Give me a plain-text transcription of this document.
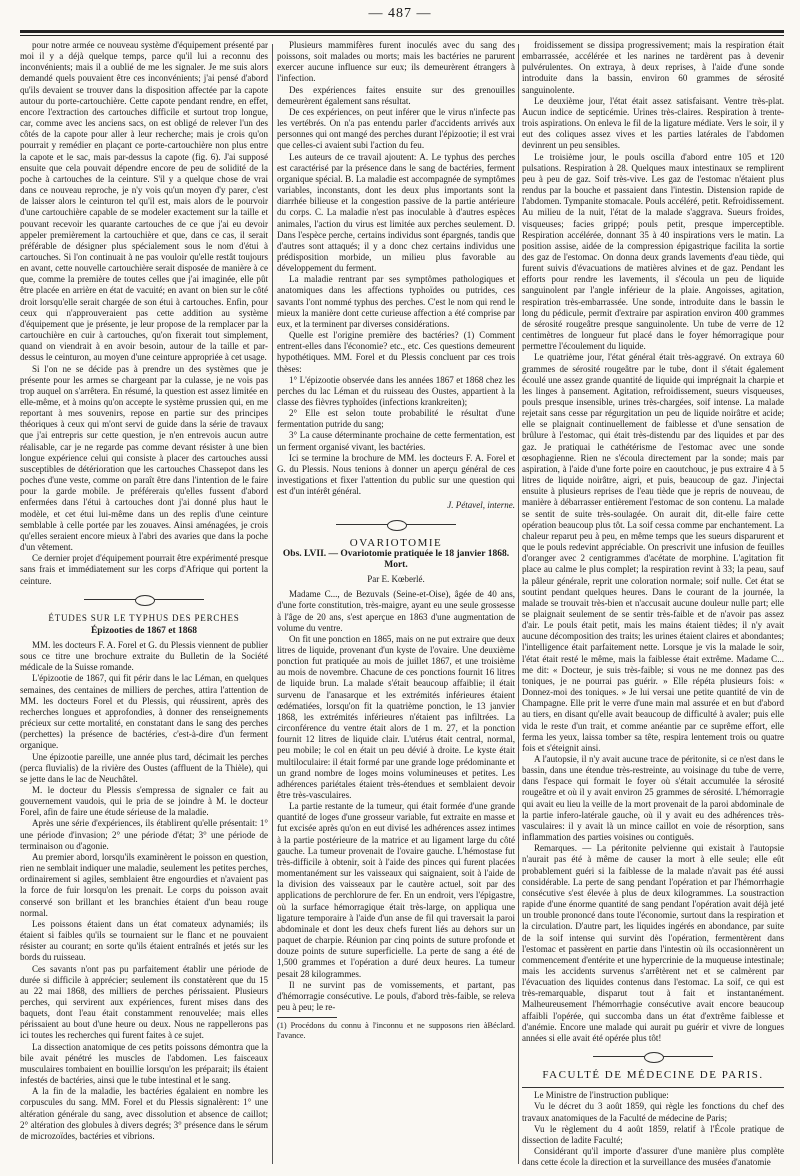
— 487 —

pour notre armée ce nouveau système d'équipement présenté par moi il y a déjà quelque temps, parce qu'il lui a reconnu des inconvénients; mais il a oublié de me les signaler. Je me suis alors demandé quels pouvaient être ces inconvénients; j'ai pensé d'abord qu'ils devaient se trouver dans la disposition affectée par la capote autour du porte-cartouchière. Cette capote pendant rendre, en effet, encore l'extraction des cartouches difficile et surtout trop longue, car, comme avec les anciens sacs, on est obligé de relever l'un des côtés de la capote pour aller à leur recherche; mais je crois qu'on pourrait y remédier en plaçant ce porte-cartouchière non plus entre la capote et le sac, mais par-dessus la capote (fig. 6). J'ai supposé ensuite que cela pouvait dépendre encore de peu de solidité de la poche à cartouches de la ceinture. S'il y a quelque chose de vrai dans ce nouveau reproche, je n'y vois qu'un moyen d'y parer, c'est de laisser alors le ceinturon tel qu'il est, mais alors de le pourvoir d'une cartouchière capable de se modeler exactement sur la taille et pouvant recevoir les quarante cartouches de ce que j'ai eu devoir appeler premièrement la cartouchière et que, dans ce cas, il serait préférable de désigner plus spécialement sous le nom d'étui à cartouches. Si l'on continuait à ne pas vouloir qu'elle restât toujours en avant, cette nouvelle cartouchière serait disposée de manière à ce que, comme la première de toutes celles que j'ai imaginée, elle pût être placée en arrière en état de vacuité; en avant on bien sur le côté droit lorsqu'elle serait chargée de son étui à cartouches. Enfin, pour ceux qui n'approuveraient pas cette addition au système d'équipement que je présente, je leur propose de la remplacer par la cartouchière en cuir à cartouches, qu'on fixerait tout simplement, quand on viendrait à en avoir besoin, autour de la taille et par-dessus le ceinturon, au moyen d'une ceinture appropriée à cet usage.

Si l'on ne se décide pas à prendre un des systèmes que je présente pour les armes se chargeant par la culasse, je ne vois pas trop auquel on s'arrêtera. En résumé, la question est assez limitée en elle-même, et à moins qu'on accepte le système prussien qui, en me reportant à mes souvenirs, repose en partie sur des principes théoriques à ceux qui m'ont servi de guide dans la série de travaux que j'ai entrepris sur cette question, je n'en entrevois aucun autre réalisable, car je ne regarde pas comme devant résister à une bien longue expérience celui qui consiste à placer des cartouches aussi susceptibles de détérioration que les cartouches Chassepot dans les poches d'une veste, comme on paraît être dans l'intention de le faire pour la garde mobile. Je préférerais qu'elles fussent d'abord enfermées dans l'étui à cartouches dont j'ai donné plus haut le modèle, et cet étui lui-même dans un des replis d'une ceinture semblable à celle portée par les zouaves. Ainsi aménagées, je crois qu'elles seraient encore mieux à l'abri des avaries que dans la poche d'un vêtement.

Ce dernier projet d'équipement pourrait être expérimenté presque sans frais et immédiatement sur les corps d'Afrique qui portent la ceinture.

ÉTUDES SUR LE TYPHUS DES PERCHES
Épizooties de 1867 et 1868

MM. les docteurs F. A. Forel et G. du Plessis viennent de publier sous ce titre une brochure extraite du Bulletin de la Société médicale de la Suisse romande.

L'épizootie de 1867, qui fit périr dans le lac Léman, en quelques semaines, des centaines de milliers de perches, attira l'attention de MM. les docteurs Forel et du Plessis, qui réussirent, après des recherches longues et approfondies, à donner des renseignements précieux sur cette mortalité, en constatant dans le sang des perches (perchettes) la présence de bactéries, c'est-à-dire d'un ferment organique.

Une épizootie pareille, une année plus tard, décimait les perches (perca fluvialis) de la rivière des Oustes (affluent de la Thièle), qui se jette dans le lac de Neuchâtel.

M. le docteur du Plessis s'empressa de signaler ce fait au gouvernement vaudois, qui le pria de se joindre à M. le docteur Forel, afin de faire une étude sérieuse de la maladie.

Après une série d'expériences, ils établirent qu'elle présentait: 1° une période d'invasion; 2° une période d'état; 3° une période de terminaison ou d'agonie.

Au premier abord, lorsqu'ils examinèrent le poisson en question, rien ne semblait indiquer une maladie, seulement les petites perches, ordinairement si agiles, semblaient être engourdies et n'avaient pas la force de fuir lorsqu'on les prenait. Le corps du poisson avait conservé son brillant et les branchies étaient d'un beau rouge normal.

Les poissons étaient dans un état comateux adynamiés; ils étaient si faibles qu'ils se tournaient sur le flanc et ne pouvaient résister au courant; en sorte qu'ils étaient entraînés et jetés sur les bords du ruisseau.

Ces savants n'ont pas pu parfaitement établir une période de durée si difficile à apprécier; seulement ils constatèrent que du 15 au 22 mai 1868, des milliers de perches périssaient. Plusieurs perches, qui servirent aux expériences, furent mises dans des baquets, dont l'eau était constamment renouvelée; mais elles périssaient au bout d'une heure ou deux. Nous ne rappellerons pas ici toutes les recherches qui furent faites à ce sujet.

La dissection anatomique de ces petits poissons démontra que la bile avait pénétré les muscles de l'abdomen. Les faisceaux musculaires tombaient en bouillie lorsqu'on les préparait; ils étaient infestés de bactéries, ainsi que le tube intestinal et le sang.

A la fin de la maladie, les bactéries égalaient en nombre les corpuscules du sang. MM. Forel et du Plessis signalèrent: 1° une altération générale du sang, avec dissolution et absence de caillot; 2° altération des globules à divers degrés; 3° présence dans le sérum de microzoïdes, bactéries et vibrions.

Plusieurs mammifères furent inoculés avec du sang des poissons, soit malades ou morts; mais les bactéries ne parurent exercer aucune influence sur eux; ils demeurèrent étrangers à l'infection.

Des expériences faites ensuite sur des grenouilles demeurèrent également sans résultat.

De ces expériences, on peut inférer que le virus n'infecte pas les vertébrés. On n'a pas entendu parler d'accidents arrivés aux personnes qui ont mangé des perches durant l'épizootie; il est vrai que celles-ci avaient subi l'action du feu.

Les auteurs de ce travail ajoutent: A. Le typhus des perches est caractérisé par la présence dans le sang de bactéries, ferment organique spécial. B. La maladie est accompagnée de symptômes variables, inconstants, dont les deux plus importants sont la diarrhée bilieuse et la congestion passive de la partie antérieure du corps. C. La maladie n'est pas inoculable à d'autres espèces animales, l'action du virus est limitée aux perches seulement. D. Dans l'espèce perche, certains individus sont épargnés, tandis que d'autres sont attaqués; il y a donc chez certains individus une prédisposition morbide, un milieu plus favorable au développement du ferment.

La maladie rentrant par ses symptômes pathologiques et anatomiques dans les affections typhoïdes ou putrides, ces savants l'ont nommé typhus des perches. C'est le nom qui rend le mieux la manière dont cette curieuse affection a été comprise par eux, et la terminent par diverses considérations.

Quelle est l'origine première des bactéries? (1) Comment entrent-elles dans l'économie? etc., etc. Ces questions demeurent hypothétiques. MM. Forel et du Plessis concluent par ces trois thèses:

1° L'épizootie observée dans les années 1867 et 1868 chez les perches du lac Léman et du ruisseau des Oustes, appartient à la classe des fièvres typhoïdes (infections krankreiten);

2° Elle est selon toute probabilité le résultat d'une fermentation putride du sang;

3° La cause déterminante prochaine de cette fermentation, est un ferment organisé vivant, les bactéries.

Ici se termine la brochure de MM. les docteurs F. A. Forel et G. du Plessis. Nous tenions à donner un aperçu général de ces investigations et fixer l'attention du public sur une question qui est d'un intérêt général.

J. Pétavel, interne.
OVARIOTOMIE
Obs. LVII. — Ovariotomie pratiquée le 18 janvier 1868.
Mort.
Par E. Kœberlé.

Madame C..., de Bezuvals (Seine-et-Oise), âgée de 40 ans, d'une forte constitution, très-maigre, ayant eu une seule grossesse à l'âge de 20 ans, s'est aperçue en 1863 d'une augmentation de volume du ventre.

On fit une ponction en 1865, mais on ne put extraire que deux litres de liquide, provenant d'un kyste de l'ovaire. Une deuxième ponction fut pratiquée au mois de juillet 1867, et une troisième au mois de novembre. Chacune de ces ponctions fournit 16 litres de liquide brun. La malade s'était beaucoup affaiblie; il était survenu de l'anasarque et les extrémités inférieures étaient œdématiées, lorsqu'on fit la quatrième ponction, le 13 janvier 1868, les extrémités inférieures n'étaient pas infiltrées. La circonférence du ventre était alors de 1 m. 27, et la ponction fournit 12 litres de liquide clair. L'utérus était central, normal, peu mobile; le col en était un peu dévié à droite. Le kyste était multiloculaire: il était formé par une grande loge prédominante et un grand nombre de loges moins volumineuses et petites. Les adhérences pariétales étaient très-étendues et semblaient devoir être très-vasculaires.

La partie restante de la tumeur, qui était formée d'une grande quantité de loges d'une grosseur variable, fut extraite en masse et fut excisée après qu'on en eut divisé les adhérences assez intimes à la partie postérieure de la matrice et au ligament large du côté gauche. La tumeur provenait de l'ovaire gauche. L'hémostase fut très-difficile à obtenir, soit à l'aide des pinces qui furent placées momentanément sur les vaisseaux qui saignaient, soit à l'aide de la division des vaisseaux par le cautère actuel, soit par des applications de perchlorure de fer. En un endroit, vers l'épigastre, où la surface hémorragique était très-large, on appliqua une ligature temporaire à l'aide d'un anse de fil qui traversait la paroi abdominale et dont les deux chefs furent liés au dehors sur un paquet de charpie. Réunion par cinq points de suture profonde et douze points de suture superficielle. La perte de sang a été de 1,500 grammes et l'opération a duré deux heures. La tumeur pesait 28 kilogrammes.

Il ne survint pas de vomissements, et partant, pas d'hémorragie consécutive. Le pouls, d'abord très-faible, se releva peu à peu; le re-

(1) Procédons du connu à l'inconnu et ne supposons rien à l'avance.
Béclard.

froidissement se dissipa progressivement; mais la respiration était embarrassée, accélérée et les narines ne tardèrent pas à devenir pulvérulentes. On extraya, à deux reprises, à l'aide d'une sonde introduite dans la bassin, environ 60 grammes de sérosité sanguinolente.

Le deuxième jour, l'état était assez satisfaisant. Ventre très-plat. Aucun indice de septicémie. Urines très-claires. Respiration à trente-trois aspirations. On enleva le fil de la ligature médiate. Vers le soir, il y eut des coliques assez vives et les parties latérales de l'abdomen devinrent un peu sensibles.

Le troisième jour, le pouls oscilla d'abord entre 105 et 120 pulsations. Respiration à 28. Quelques maux intestinaux se remplirent peu à peu de gaz. Soif très-vive. Les gaz de l'estomac n'étaient plus rendus par la bouche et passaient dans l'intestin. Distension rapide de l'abdomen. Tympanite stomacale. Pouls accéléré, petit. Refroidissement. Au milieu de la nuit, l'état de la malade s'aggrava. Sueurs froides, visqueuses; facies grippé; pouls petit, presque imperceptible. Respiration accélérée, donnant 35 à 40 inspirations vers le matin. La position assise, aidée de la compression épigastrique facilita la sortie des gaz de l'estomac. On donna deux grands lavements d'eau tiède, qui furent suivis d'évacuations de matières alvines et de gaz. Pendant les efforts pour rendre les lavements, il s'écoula un peu de liquide sanguinolent par l'angle inférieur de la plaie. Angoisses, agitation, respiration très-embarrassée. Une sonde, introduite dans le bassin le long du pédicule, permit d'extraire par aspiration environ 400 grammes de sérosité rougeâtre presque sanguinolente. Un tube de verre de 12 centimètres de longueur fut placé dans le foyer hémorragique pour permettre l'écoulement du liquide.

Le quatrième jour, l'état général était très-aggravé. On extraya 60 grammes de sérosité rougeâtre par le tube, dont il s'était également écoulé une assez grande quantité de liquide qui imprégnait la charpie et les linges à pansement. Agitation, refroidissement, sueurs visqueuses, pouls presque insensible, urines très-chargées, soif intense. La malade rejetait sans cesse par régurgitation un peu de liquide noirâtre et acide; elle se plaignait continuellement de faiblesse et d'une sensation de brûlure à l'estomac, qui était très-distendu par des liquides et par des gaz. Je pratiquai le cathétérisme de l'estomac avec une sonde œsophagienne. Rien ne s'écoula directement par la sonde; mais par aspiration, à l'aide d'une forte poire en caoutchouc, je pus extraire 4 à 5 litres de liquide noirâtre, aigri, et puis, beaucoup de gaz. J'injectai ensuite à plusieurs reprises de l'eau tiède que je repris de nouveau, de manière à débarrasser entièrement l'estomac de son contenu. La malade se sentit de suite très-soulagée. On aurait dit, dit-elle faire cette opération beaucoup plus tôt. La soif cessa comme par enchantement. La chaleur reparut peu à peu, en même temps que les sueurs disparurent et que le pouls redevint appréciable. On prescrivit une infusion de feuilles d'oranger avec 2 centigrammes d'acétate de morphine. L'agitation fit place au calme le plus complet; la respiration revint à 33; la peau, sauf la pâleur générale, reprit une coloration normale; soif nulle. Cet état se soutint pendant quelques heures. Dans le courant de la journée, la malade se trouvait très-bien et n'accusait aucune douleur nulle part; elle se plaignait seulement de se sentir très-faible et de n'avoir pas assez d'air. Le pouls était petit, mais les mains étaient tièdes; il n'y avait aucune décomposition des traits; les urines étaient claires et abondantes; l'intelligence était parfaitement nette. Lorsque je vis la malade le soir, l'état était resté le même, mais la faiblesse était extrême. Madame C... me dit: « Docteur, je suis très-faible; si vous ne me donnez pas des toniques, je ne pourrai pas guérir. » Elle répéta plusieurs fois: « Donnez-moi des toniques. » Je lui versai une petite quantité de vin de Champagne. Elle prit le verre d'une main mal assurée et en but d'abord au tiers, en disant qu'elle avait beaucoup de difficulté à avaler; puis elle vida le reste d'un trait, et comme anéantie par ce suprême effort, elle ferma les yeux, laissa tomber sa tête, respira lentement trois ou quatre fois et s'éteignit ainsi.

A l'autopsie, il n'y avait aucune trace de péritonite, si ce n'est dans le bassin, dans une étendue très-restreinte, au voisinage du tube de verre, dans l'espace qui formait le foyer où s'était accumulée la sérosité rougeâtre et où il y avait environ 25 grammes de sérosité. L'hémorragie qui avait eu lieu la veille de la mort provenait de la paroi abdominale de la partie infero-latérale gauche, où il y avait eu des adhérences très-vasculaires: il y avait là un mince caillot en voie de résorption, sans inflammation des parties voisines ou contiguës.

Remarques. — La péritonite pelvienne qui existait à l'autopsie n'aurait pas été à même de causer la mort à elle seule; elle eût probablement guéri si la faiblesse de la malade n'avait pas été aussi considérable. La perte de sang pendant l'opération et par l'hémorrhagie consécutive s'est élevée à plus de deux kilogrammes. La soustraction rapide d'une énorme quantité de sang pendant l'opération avait déjà jeté un trouble prononcé dans toute l'économie, surtout dans la respiration et la circulation. D'autre part, les liquides ingérés en abondance, par suite de la soif intense qui survint dès l'opération, fermentèrent dans l'estomac et passèrent en partie dans l'intestin où ils occasionnèrent un commencement d'entérite et une hypercrinie de la muqueuse intestinale; mais les accidents survenus s'arrêtèrent net et se calmèrent par l'évacuation des liquides contenus dans l'estomac. La soif, ce qui est très-remarquable, disparut tout à fait et instantanément. Malheureusement l'hémorrhagie consécutive avait encore beaucoup affaibli l'opérée, qui succomba dans un état d'extrême faiblesse et d'anémie. Encore une malade qui aurait pu guérir et vivre de longues années si elle avait été opérée plus tôt!

FACULTÉ DE MÉDECINE DE PARIS.

Le Ministre de l'instruction publique:

Vu le décret du 3 août 1859, qui règle les fonctions du chef des travaux anatomiques de la Faculté de médecine de Paris;

Vu le règlement du 4 août 1859, relatif à l'École pratique de dissection de ladite Faculté;

Considérant qu'il importe d'assurer d'une manière plus complète dans cette école la direction et la surveillance des musées d'anatomie
